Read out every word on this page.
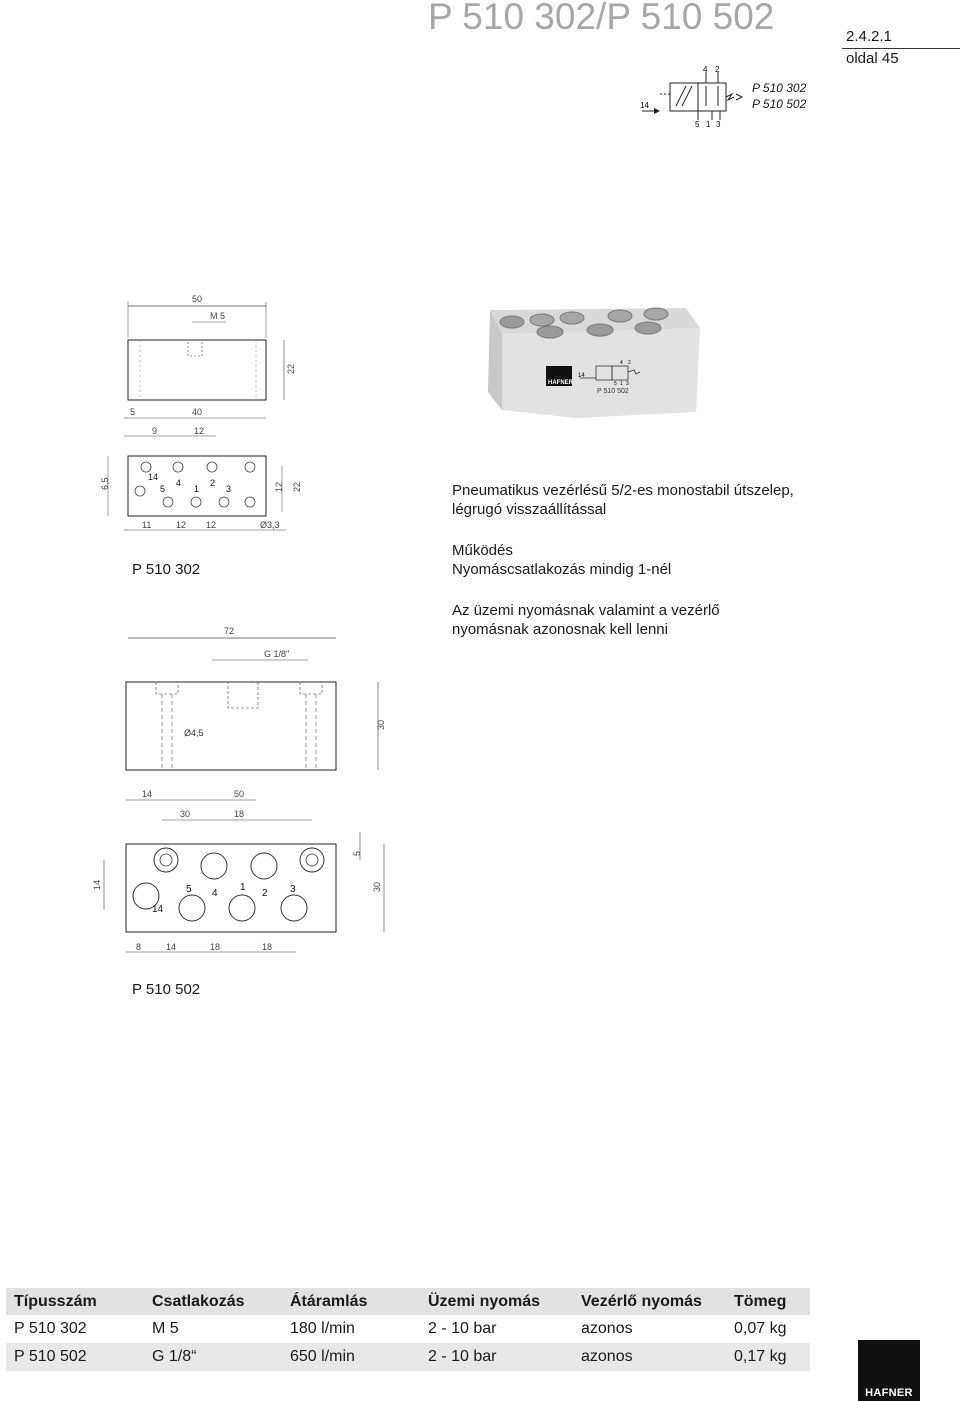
P 510 302/P 510 502	2.4.2.1
oldal 45
14
4 2
5 1 3
P 510 302
P 510 502
HAFNER
14
4 2
5 1 3
P 510 502
Pneumatikus vezérlésű 5/2-es monostabil útszelep,
légrugó visszaállítással
Működés
Nyomáscsatlakozás mindig 1-nél
Az üzemi nyomásnak valamint a vezérlő
nyomásnak azonosnak kell lenni
50
M 5
22
5	40
9	12
6,5	12 22
14
5
4
1
2
3
11	12 12	Ø3,3
P 510 302
72
G 1/8"
Ø4,5
30
14	50
30	18
5 4
1
2 3
14
14
5
30
8	14	18	18
P 510 502
Típusszám	Csatlakozás	Átáramlás	Üzemi nyomás	Vezérlő nyomás	Tömeg
P 510 302	M 5	180 l/min	2 - 10 bar	azonos	0,07 kg
P 510 502	G 1/8“	650 l/min	2 - 10 bar	azonos	0,17 kg
HAFNER
